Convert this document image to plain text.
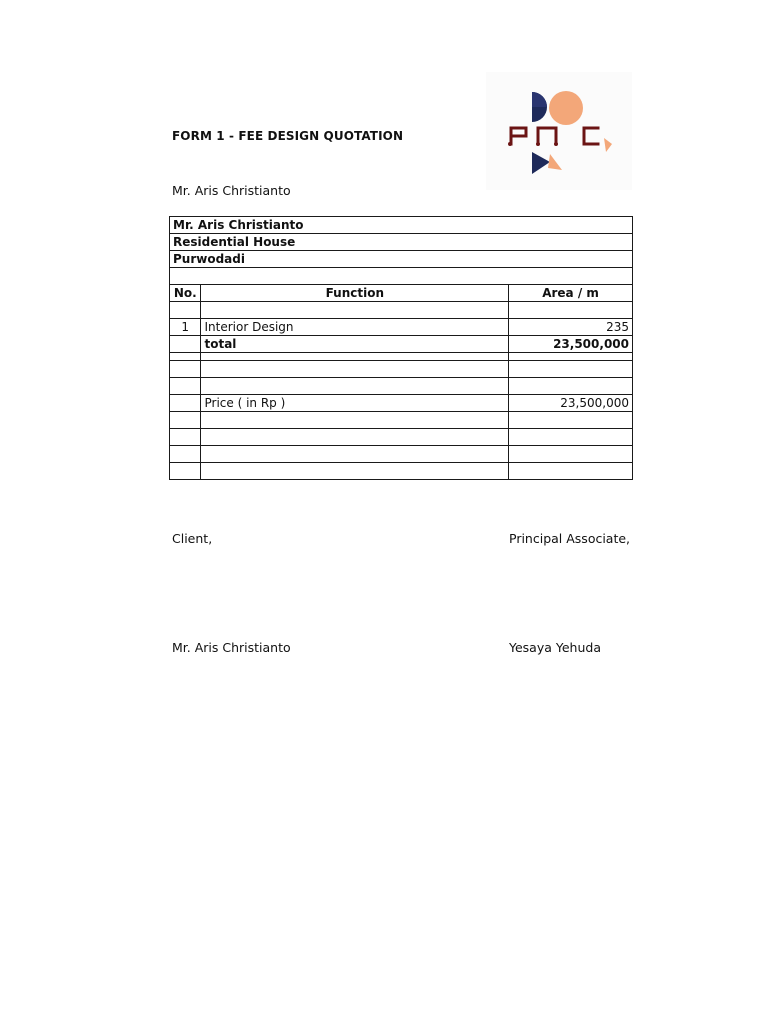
FORM 1 - FEE DESIGN QUOTATION
Mr. Aris Christianto
Mr. Aris Christianto		
Residential House		
Purwodadi		

No.	Function	Area / m

1	Interior Design	235
	total	23,500,000

	Price ( in Rp )	23,500,000

Client,	Principal Associate,
Mr. Aris Christianto	Yesaya Yehuda
